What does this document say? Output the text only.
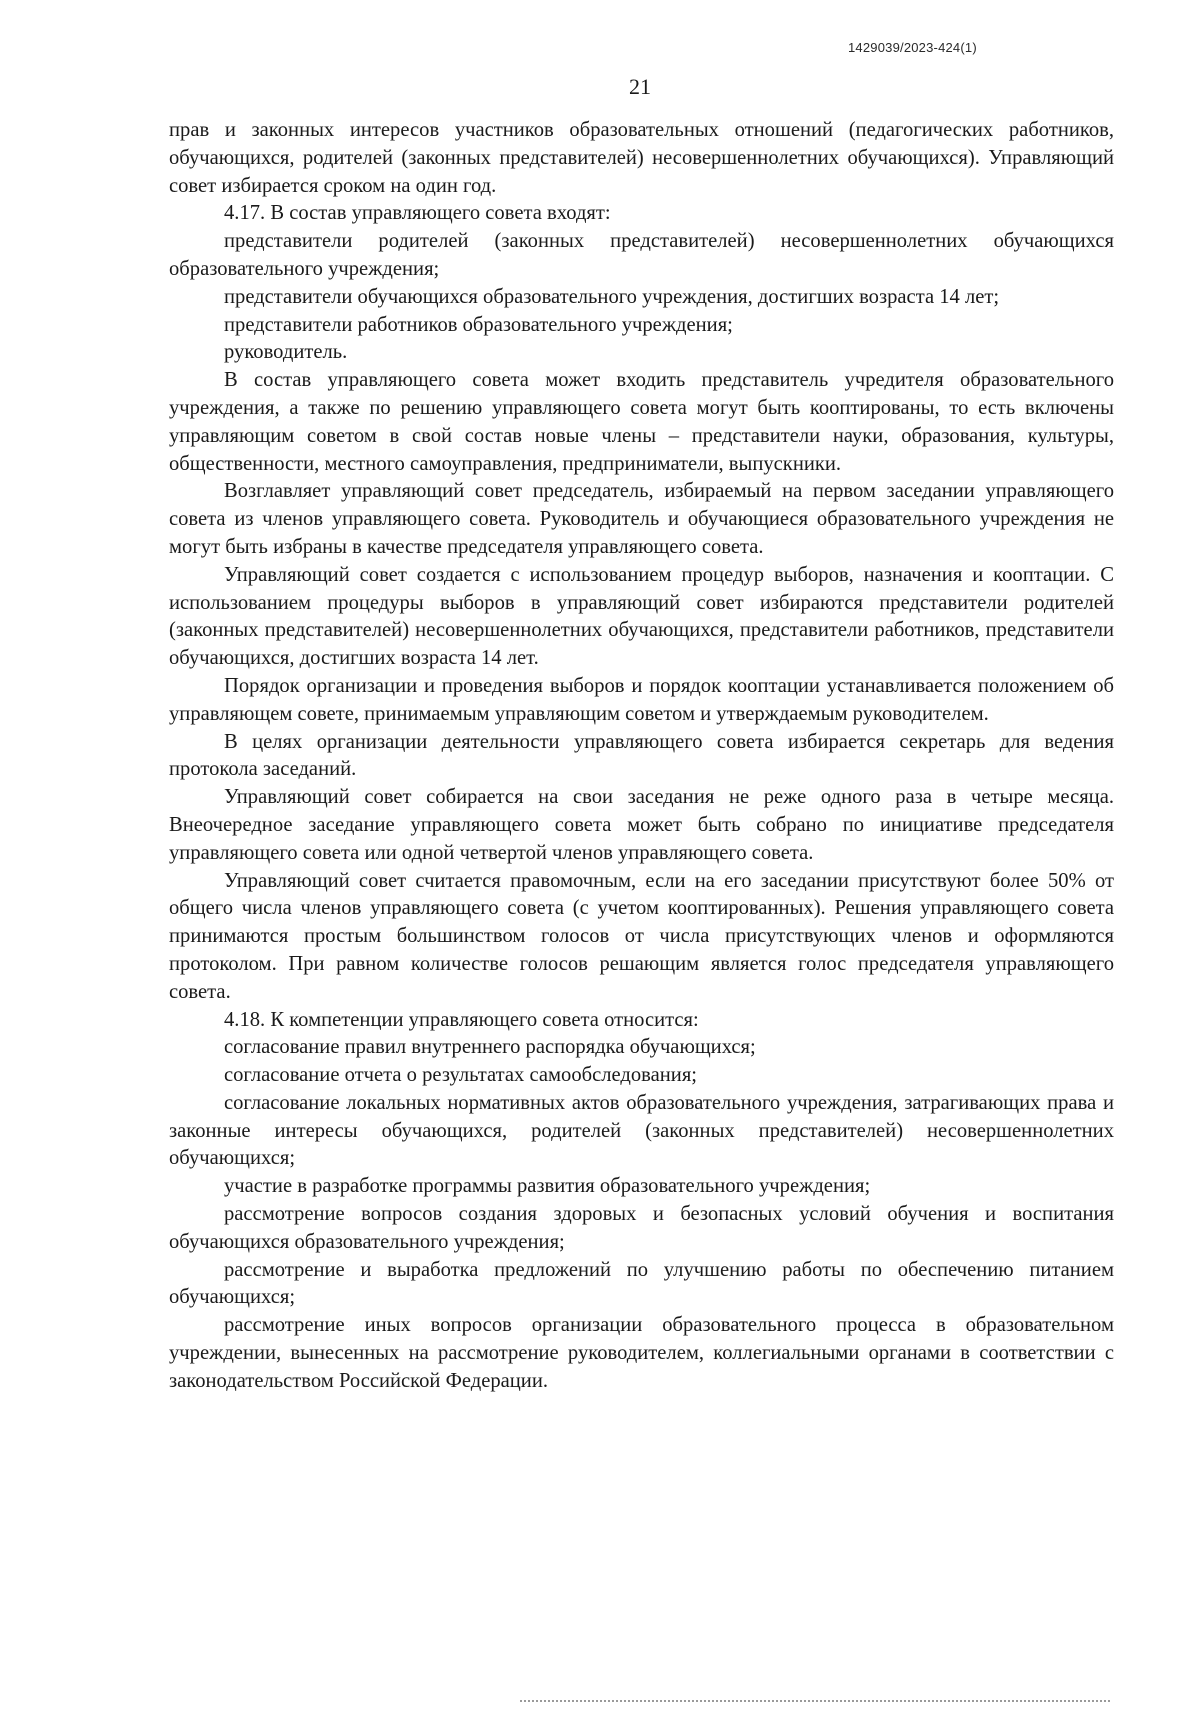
1429039/2023-424(1)
21

прав и законных интересов участников образовательных отношений (педагогических работников, обучающихся, родителей (законных представителей) несовершеннолетних обучающихся). Управляющий совет избирается сроком на один год.

4.17. В состав управляющего совета входят:

представители родителей (законных представителей) несовершеннолетних обучающихся образовательного учреждения;

представители обучающихся образовательного учреждения, достигших возраста 14 лет;

представители работников образовательного учреждения;

руководитель.

В состав управляющего совета может входить представитель учредителя образовательного учреждения, а также по решению управляющего совета могут быть кооптированы, то есть включены управляющим советом в свой состав новые члены – представители науки, образования, культуры, общественности, местного самоуправления, предприниматели, выпускники.

Возглавляет управляющий совет председатель, избираемый на первом заседании управляющего совета из членов управляющего совета. Руководитель и обучающиеся образовательного учреждения не могут быть избраны в качестве председателя управляющего совета.

Управляющий совет создается с использованием процедур выборов, назначения и кооптации. С использованием процедуры выборов в управляющий совет избираются представители родителей (законных представителей) несовершеннолетних обучающихся, представители работников, представители обучающихся, достигших возраста 14 лет.

Порядок организации и проведения выборов и порядок кооптации устанавливается положением об управляющем совете, принимаемым управляющим советом и утверждаемым руководителем.

В целях организации деятельности управляющего совета избирается секретарь для ведения протокола заседаний.

Управляющий совет собирается на свои заседания не реже одного раза в четыре месяца. Внеочередное заседание управляющего совета может быть собрано по инициативе председателя управляющего совета или одной четвертой членов управляющего совета.

Управляющий совет считается правомочным, если на его заседании присутствуют более 50% от общего числа членов управляющего совета (с учетом кооптированных). Решения управляющего совета принимаются простым большинством голосов от числа присутствующих членов и оформляются протоколом. При равном количестве голосов решающим является голос председателя управляющего совета.

4.18. К компетенции управляющего совета относится:

согласование правил внутреннего распорядка обучающихся;

согласование отчета о результатах самообследования;

согласование локальных нормативных актов образовательного учреждения, затрагивающих права и законные интересы обучающихся, родителей (законных представителей) несовершеннолетних обучающихся;

участие в разработке программы развития образовательного учреждения;

рассмотрение вопросов создания здоровых и безопасных условий обучения и воспитания обучающихся образовательного учреждения;

рассмотрение и выработка предложений по улучшению работы по обеспечению питанием обучающихся;

рассмотрение иных вопросов организации образовательного процесса в образовательном учреждении, вынесенных на рассмотрение руководителем, коллегиальными органами в соответствии с законодательством Российской Федерации.
